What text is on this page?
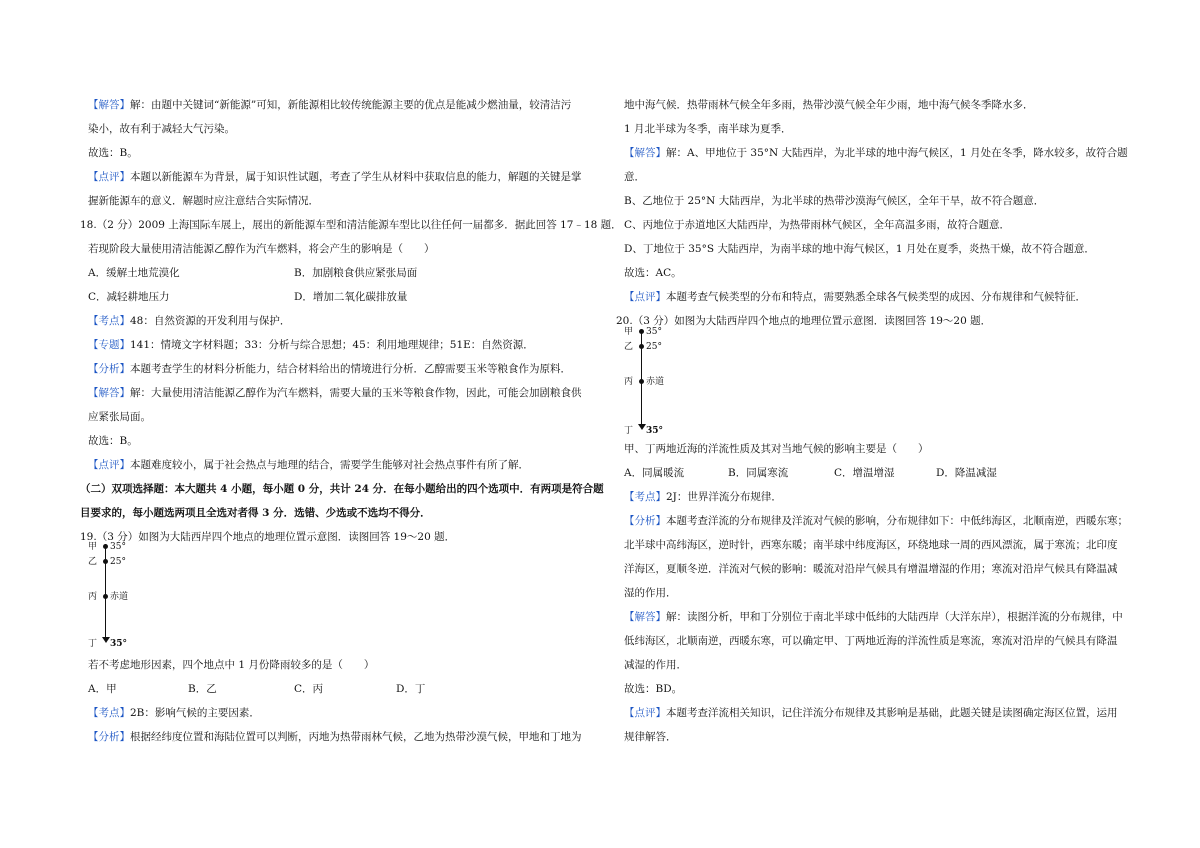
【解答】解：由题中关键词“新能源”可知，新能源相比较传统能源主要的优点是能减少燃油量，较清洁污
染小，故有利于减轻大气污染。
故选：B。
【点评】本题以新能源车为背景，属于知识性试题，考查了学生从材料中获取信息的能力，解题的关键是掌
握新能源车的意义．解题时应注意结合实际情况．
18.（2 分）2009 上海国际车展上，展出的新能源车型和清洁能源车型比以往任何一届都多．据此回答 17﹣18 题．
若现阶段大量使用清洁能源乙醇作为汽车燃料，将会产生的影响是（　　）
A．缓解土地荒漠化	B．加剧粮食供应紧张局面
C．减轻耕地压力	D．增加二氧化碳排放量
【考点】48：自然资源的开发利用与保护．
【专题】141：情境文字材料题；33：分析与综合思想；45：利用地理规律；51E：自然资源．
【分析】本题考查学生的材料分析能力，结合材料给出的情境进行分析．乙醇需要玉米等粮食作为原料．
【解答】解：大量使用清洁能源乙醇作为汽车燃料，需要大量的玉米等粮食作物，因此，可能会加剧粮食供
应紧张局面。
故选：B。
【点评】本题难度较小，属于社会热点与地理的结合，需要学生能够对社会热点事件有所了解．
（二）双项选择题：本大题共 4 小题，每小题 0 分，共计 24 分．在每小题给出的四个选项中．有两项是符合题
目要求的，每小题选两项且全选对者得 3 分．选错、少选或不选均不得分．
19.（3 分）如图为大陆西岸四个地点的地理位置示意图．读图回答 19～20 题．
甲 35°
乙 25°
丙 赤道
丁 35°
若不考虑地形因素，四个地点中 1 月份降雨较多的是（　　）
A．甲	B．乙	C．丙	D．丁
【考点】2B：影响气候的主要因素．
【分析】根据经纬度位置和海陆位置可以判断，丙地为热带雨林气候，乙地为热带沙漠气候，甲地和丁地为
地中海气候．热带雨林气候全年多雨，热带沙漠气候全年少雨，地中海气候冬季降水多．
1 月北半球为冬季，南半球为夏季．
【解答】解：A、甲地位于 35°N 大陆西岸，为北半球的地中海气候区，1 月处在冬季，降水较多，故符合题
意．
B、乙地位于 25°N 大陆西岸，为北半球的热带沙漠海气候区，全年干旱，故不符合题意．
C、丙地位于赤道地区大陆西岸，为热带雨林气候区，全年高温多雨，故符合题意．
D、丁地位于 35°S 大陆西岸，为南半球的地中海气候区，1 月处在夏季，炎热干燥，故不符合题意．
故选：AC。
【点评】本题考查气候类型的分布和特点，需要熟悉全球各气候类型的成因、分布规律和气候特征．
20.（3 分）如图为大陆西岸四个地点的地理位置示意图．读图回答 19～20 题．
甲 35°
乙 25°
丙 赤道
丁 35°
甲、丁两地近海的洋流性质及其对当地气候的影响主要是（　　）
A．同属暖流	B．同属寒流	C．增温增湿	D．降温减湿
【考点】2J：世界洋流分布规律．
【分析】本题考查洋流的分布规律及洋流对气候的影响，分布规律如下：中低纬海区，北顺南逆，西暖东寒；
北半球中高纬海区，逆时针，西寒东暖；南半球中纬度海区，环绕地球一周的西风漂流，属于寒流；北印度
洋海区，夏顺冬逆．洋流对气候的影响：暖流对沿岸气候具有增温增湿的作用；寒流对沿岸气候具有降温减
湿的作用．
【解答】解：读图分析，甲和丁分别位于南北半球中低纬的大陆西岸（大洋东岸），根据洋流的分布规律，中
低纬海区，北顺南逆，西暖东寒，可以确定甲、丁两地近海的洋流性质是寒流，寒流对沿岸的气候具有降温
减湿的作用．
故选：BD。
【点评】本题考查洋流相关知识，记住洋流分布规律及其影响是基础，此题关键是读图确定海区位置，运用
规律解答．
